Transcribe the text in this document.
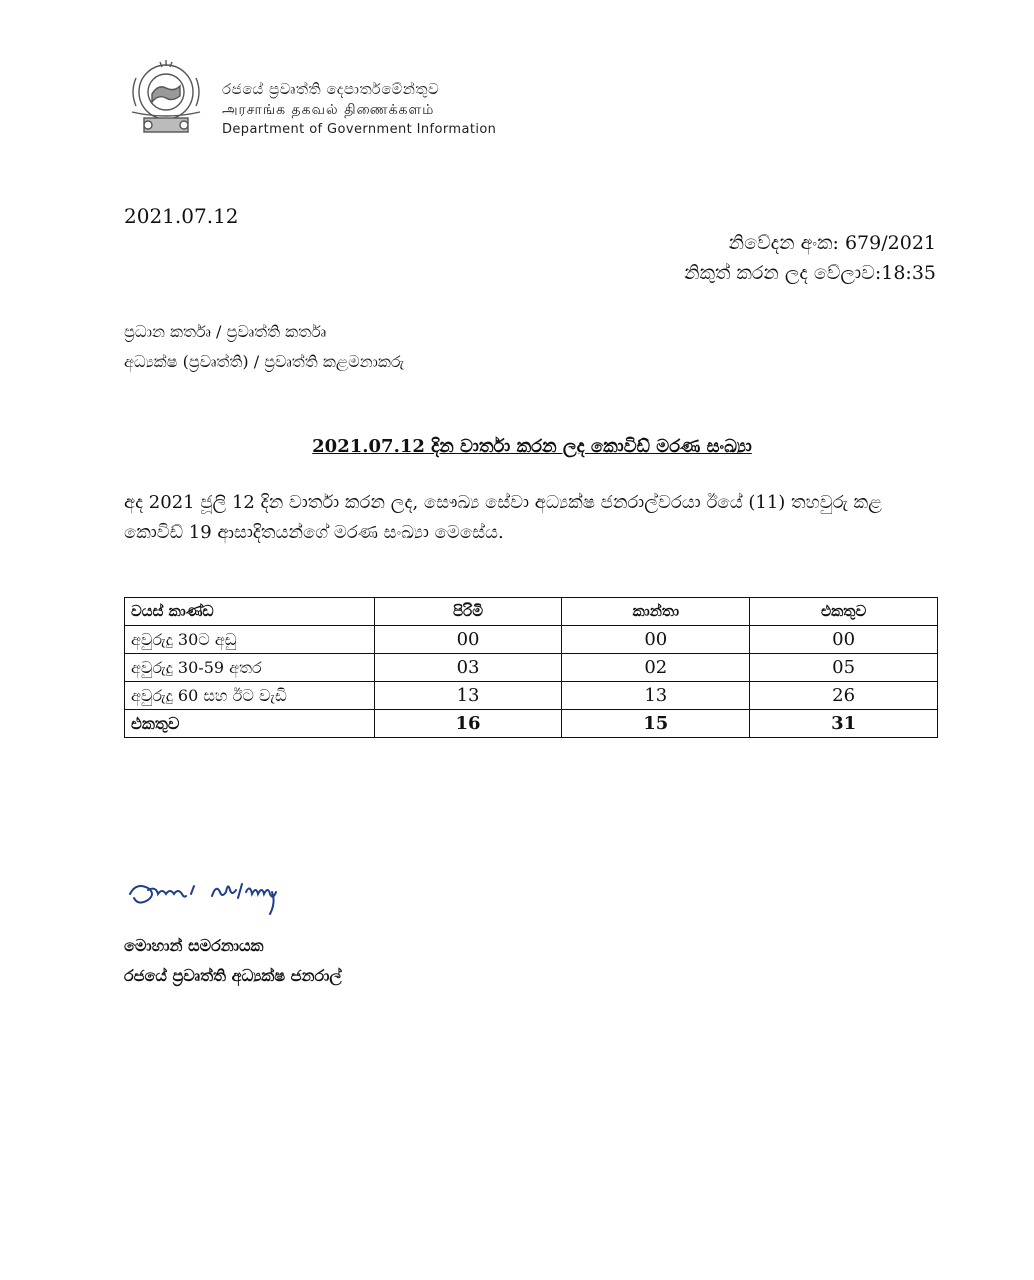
රජයේ ප්‍රවෘත්ති දෙපාර්තමේන්තුව
அரசாங்க தகவல் திணைக்களம்
Department of Government Information
2021.07.12
නිවේදන අංක: 679/2021
නිකුත් කරන ලද වේලාව:18:35
ප්‍රධාන කර්තෘ / ප්‍රවෘත්ති කර්තෘ
අධ්‍යක්ෂ (ප්‍රවෘත්ති) / ප්‍රවෘත්ති කළමනාකරු
2021.07.12 දින වාර්තා කරන ලද කොවිඩ් මරණ සංඛ්‍යා
අද 2021 ජූලි 12 දින වාර්තා කරන ලද, සෞඛ්‍ය සේවා අධ්‍යක්ෂ ජනරාල්වරයා ඊයේ (11) තහවුරු කළ කොවිඩ් 19 ආසාදිතයන්ගේ මරණ සංඛ්‍යා මෙසේය.
වයස් කාණ්ඩ	පිරිමි	කාන්තා	එකතුව
අවුරුදු 30ට අඩු	00	00	00
අවුරුදු 30-59 අතර	03	02	05
අවුරුදු 60 සහ ඊට වැඩි	13	13	26
එකතුව	16	15	31
මොහාන් සමරනායක
රජයේ ප්‍රවෘත්ති අධ්‍යක්ෂ ජනරාල්
